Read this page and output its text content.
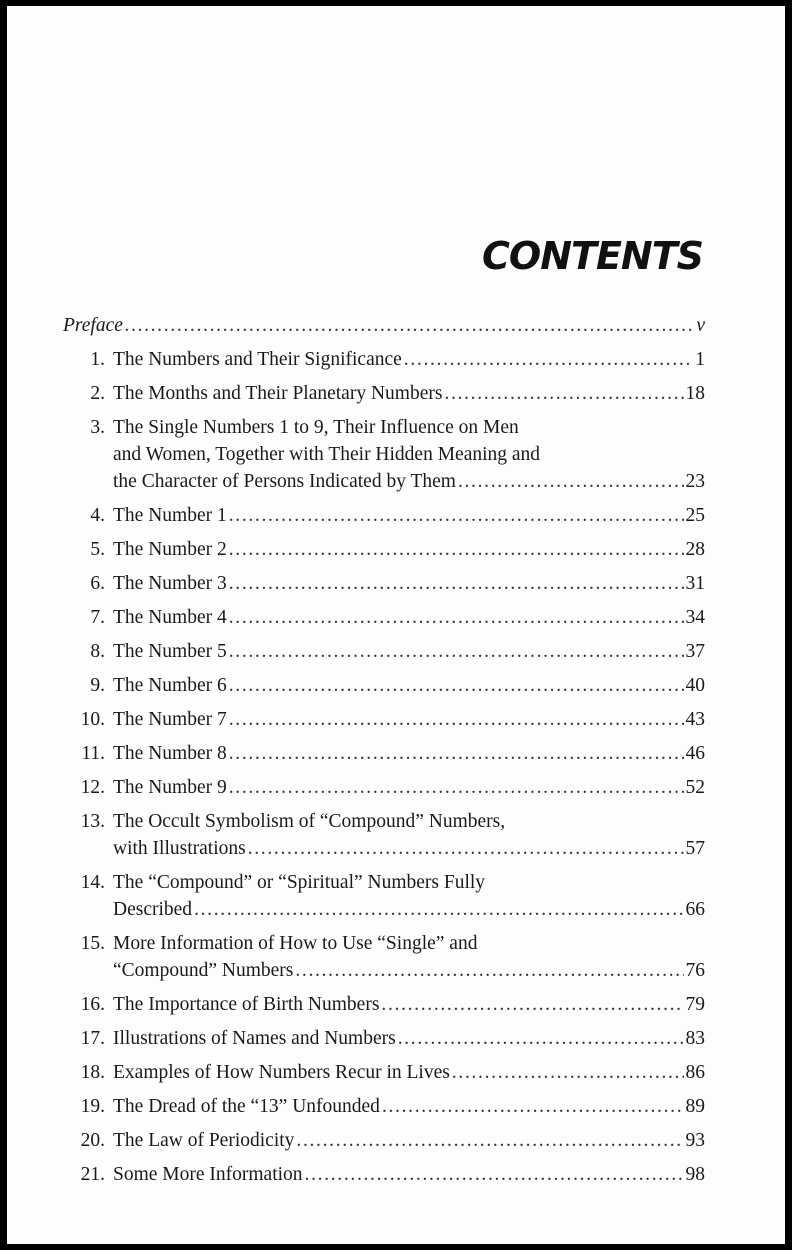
CONTENTS
Preface . . .	v
1. The Numbers and Their Significance . . .	1
2. The Months and Their Planetary Numbers . . .	18
3. The Single Numbers 1 to 9, Their Influence on Men
and Women, Together with Their Hidden Meaning and
the Character of Persons Indicated by Them . . .	23
4. The Number 1 . . .	25
5. The Number 2 . . .	28
6. The Number 3 . . .	31
7. The Number 4 . . .	34
8. The Number 5 . . .	37
9. The Number 6 . . .	40
10. The Number 7 . . .	43
11. The Number 8 . . .	46
12. The Number 9 . . .	52
13. The Occult Symbolism of “Compound” Numbers,
with Illustrations . . .	57
14. The “Compound” or “Spiritual” Numbers Fully
Described . . .	66
15. More Information of How to Use “Single” and
“Compound” Numbers . . .	76
16. The Importance of Birth Numbers . . .	79
17. Illustrations of Names and Numbers . . .	83
18. Examples of How Numbers Recur in Lives . . .	86
19. The Dread of the “13” Unfounded . . .	89
20. The Law of Periodicity . . .	93
21. Some More Information . . .	98
